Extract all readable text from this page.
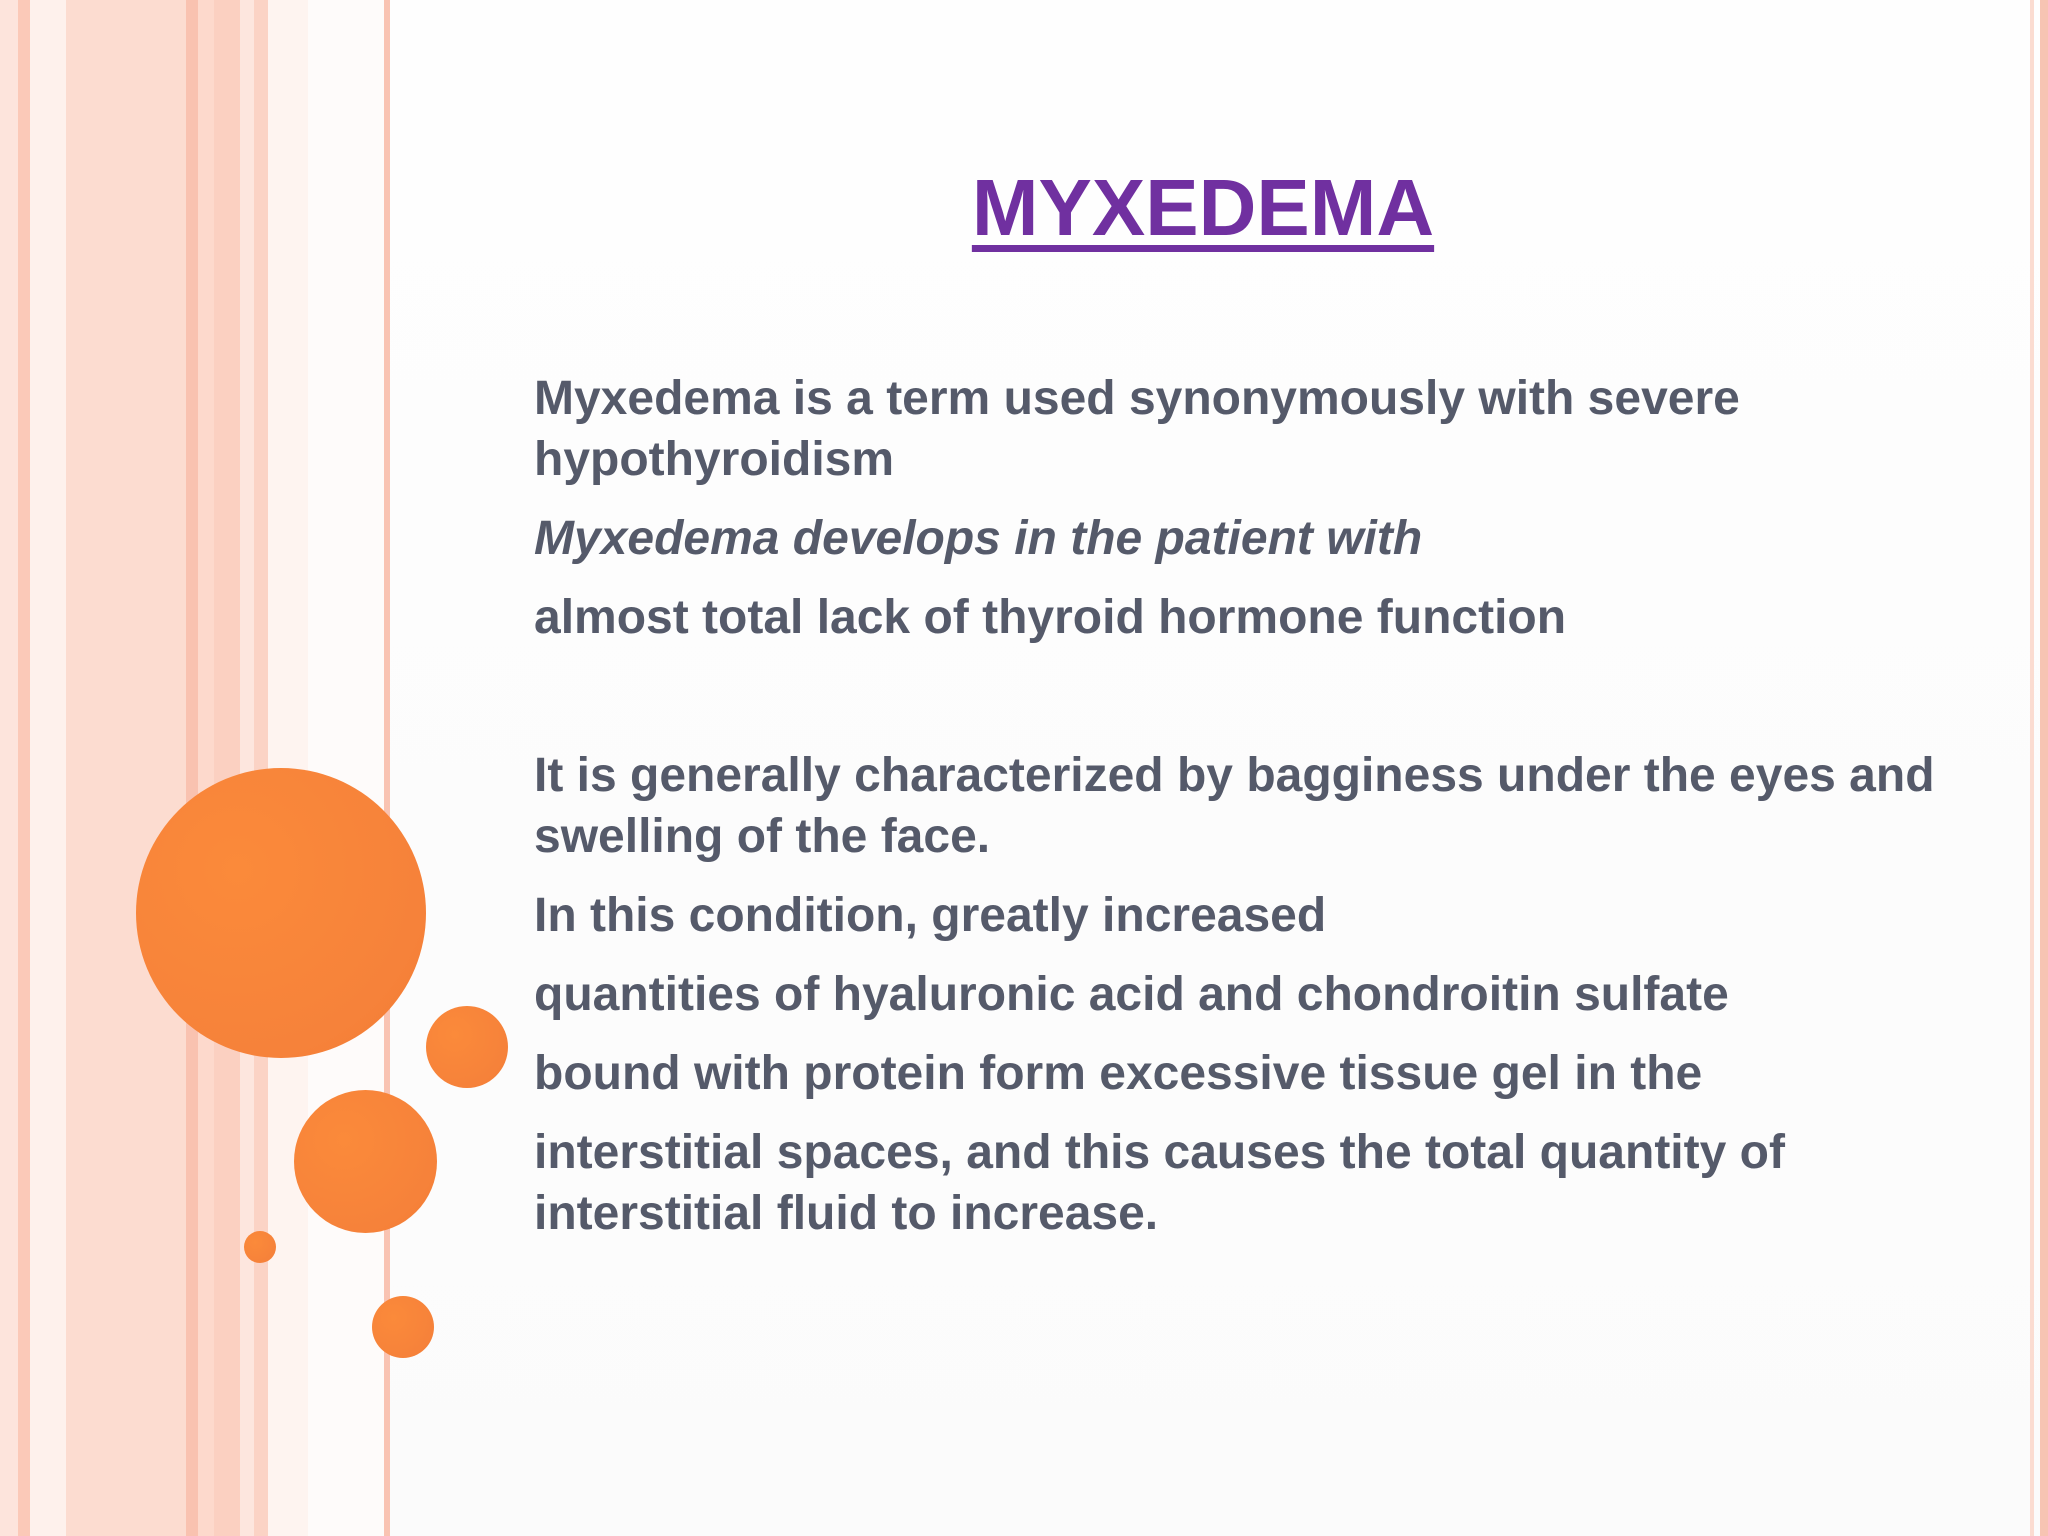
MYXEDEMA

Myxedema is a term used synonymously with severe hypothyroidism

Myxedema develops in the patient with

almost total lack of thyroid hormone function

It is generally characterized by bagginess under the eyes and swelling of the face.

In this condition, greatly increased

quantities of hyaluronic acid and chondroitin sulfate

bound with protein form excessive tissue gel in the

interstitial spaces, and this causes the total quantity of interstitial fluid to increase.
